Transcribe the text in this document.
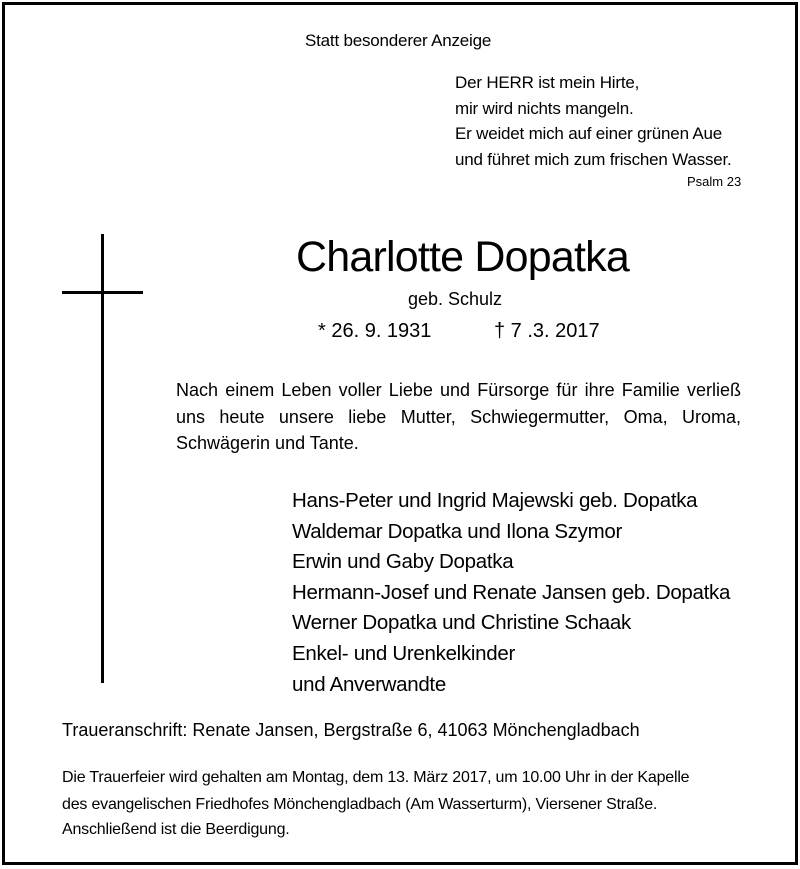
Statt besonderer Anzeige
Der HERR ist mein Hirte,
mir wird nichts mangeln.
Er weidet mich auf einer grünen Aue
und führet mich zum frischen Wasser.
Psalm 23
Charlotte Dopatka
geb. Schulz
* 26. 9. 1931	† 7 .3. 2017
Nach einem Leben voller Liebe und Fürsorge für ihre Familie verließ
uns heute unsere liebe Mutter, Schwiegermutter, Oma, Uroma,
Schwägerin und Tante.
Hans-Peter und Ingrid Majewski geb. Dopatka
Waldemar Dopatka und Ilona Szymor
Erwin und Gaby Dopatka
Hermann-Josef und Renate Jansen geb. Dopatka
Werner Dopatka und Christine Schaak
Enkel- und Urenkelkinder
und Anverwandte
Traueranschrift: Renate Jansen, Bergstraße 6, 41063 Mönchengladbach
Die Trauerfeier wird gehalten am Montag, dem 13. März 2017, um 10.00 Uhr in der Kapelle
des evangelischen Friedhofes Mönchengladbach (Am Wasserturm), Viersener Straße.
Anschließend ist die Beerdigung.
